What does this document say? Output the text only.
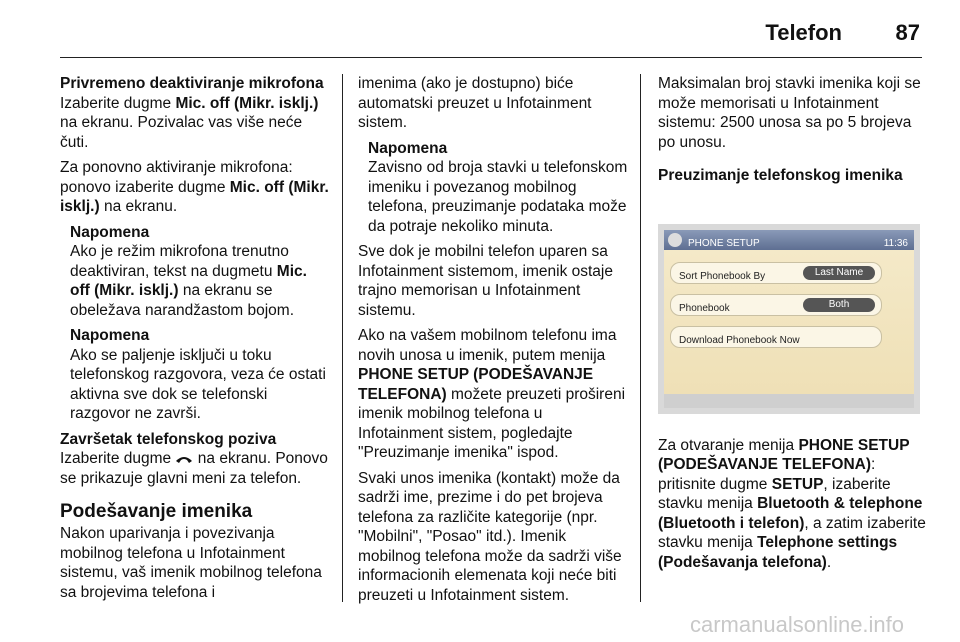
Telefon 87

Privremeno deaktiviranje mikrofona

Izaberite dugme Mic. off (Mikr. isklj.) na ekranu. Pozivalac vas više neće čuti.

Za ponovno aktiviranje mikrofona: ponovo izaberite dugme Mic. off (Mikr. isklj.) na ekranu.

Napomena
Ako je režim mikrofona trenutno deaktiviran, tekst na dugmetu Mic. off (Mikr. isklj.) na ekranu se obeležava narandžastom bojom.
Napomena
Ako se paljenje isključi u toku telefonskog razgovora, veza će ostati aktivna sve dok se telefonski razgovor ne završi.

Završetak telefonskog poziva

Izaberite dugme  na ekranu. Ponovo se prikazuje glavni meni za telefon.

Podešavanje imenika

Nakon uparivanja i povezivanja mobilnog telefona u Infotainment sistemu, vaš imenik mobilnog telefona sa brojevima telefona i

imenima (ako je dostupno) biće automatski preuzet u Infotainment sistem.

Napomena
Zavisno od broja stavki u telefonskom imeniku i povezanog mobilnog telefona, preuzimanje podataka može da potraje nekoliko minuta.

Sve dok je mobilni telefon uparen sa Infotainment sistemom, imenik ostaje trajno memorisan u Infotainment sistemu.

Ako na vašem mobilnom telefonu ima novih unosa u imenik, putem menija PHONE SETUP (PODEŠAVANJE TELEFONA) možete preuzeti prošireni imenik mobilnog telefona u Infotainment sistem, pogledajte "Preuzimanje imenika" ispod.

Svaki unos imenika (kontakt) može da sadrži ime, prezime i do pet brojeva telefona za različite kategorije (npr. "Mobilni", "Posao" itd.). Imenik mobilnog telefona može da sadrži više informacionih elemenata koji neće biti preuzeti u Infotainment sistem.

Maksimalan broj stavki imenika koji se može memorisati u Infotainment sistemu: 2500 unosa sa po 5 brojeva po unosu.

Preuzimanje telefonskog imenika

PHONE SETUP	11:36
Sort Phonebook By	Last Name
Phonebook	Both
Download Phonebook Now

Za otvaranje menija PHONE SETUP (PODEŠAVANJE TELEFONA): pritisnite dugme SETUP, izaberite stavku menija Bluetooth & telephone (Bluetooth i telefon), a zatim izaberite stavku menija Telephone settings (Podešavanja telefona).

carmanualsonline.info
